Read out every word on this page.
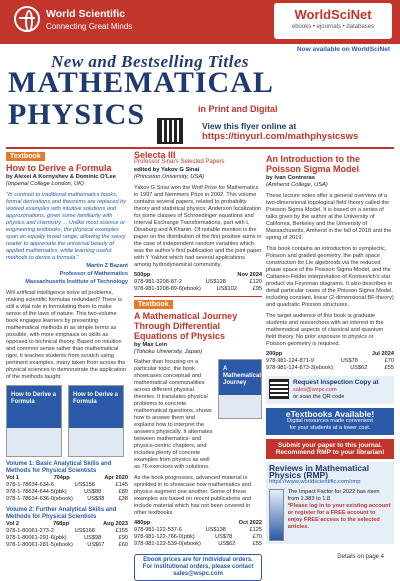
World Scientific
Connecting Great Minds
WorldSciNet
ebooks • ejournals • databases
Now available on WorldSciNet
New and Bestselling Titles
MATHEMATICAL
PHYSICS	in Print and Digital
View this flyer online at
https://tinyurl.com/mathphysicsws
Textbook
How to Derive a Formula
by Alexei A Kornyshev & Dominic O'Lee
(Imperial College London, UK)
"In contrast to traditional mathematics books, formal derivations and theorems are replaced by worked examples with intuitive solutions and approximations, given some familiarity with physics and chemistry ... Unlike most science or engineering textbooks, the physical examples span an equally broad range, allowing the savvy reader to appreciate the universal beauty of applied mathematics, while learning useful methods to derive a formula."
Martin Z Bazant
Professor of Mathematics
Massachusetts Institute of Technology
Will artificial intelligence solve all problems, making scientific formulae redundant? There is still a vital role in formulating them to make sense of the laws of nature. This two-volume book engages learners by presenting mathematical methods in as simple terms as possible, with more emphasis on skills as opposed to technical theory. Based on intuition and common sense rather than mathematical rigor, it teaches students from scratch using pertinent examples, many taken from across the physical sciences to demonstrate the application of the methods taught.
How to Derive a Formula
How to Derive a Formula
Volume 1: Basic Analytical Skills and Methods for Physical Scientists
Vol 1	704pp	Apr 2020
978-1-78634-634-6	US$158	£145
978-1-78634-644-5(pbk)	US$88	£80
978-1-78634-636-0(ebook)	US$38	£38
Volume 2: Further Analytical Skills and Methods for Physical Scientists
Vol 2	768pp	Aug 2023
978-1-80061-273-2	US$168	£155
978-1-80061-291-6(pbk)	US$98	£90
978-1-80061-281-5(ebook)	US$67	£60
Selecta III
Professor Sinai's Selected Papers
edited by Yakov G Sinai
(Princeton University, USA)
Yakov G Sinai won the Wolf Prize for Mathematics in 1997 and Nemmers Prize in 2002. This volume contains several papers, related to probability theory and statistical physics; Anderson localization for some classes of Schroedinger equations and Interval Exchange Transformations, part with L Dinaburg and A Khanin. Of notable mention is the paper on the distribution of the first positive sums in the case of independent random variables which was the author's first publication and the joint paper with Y Yakhot which had several applications among hydrodynamical community.
500pp	Nov 2024
978-981-3208-87-2	US$128	£120
978-981-3208-89-6(ebook)	US$102	£95
Textbook
A Mathematical Journey Through Differential Equations of Physics
by Max Lein
(Tohoku University, Japan)
Rather than focusing on a particular topic, the book showcases conceptual and mathematical commonalities across different physical theories. It translates physical problems to concrete mathematical questions, shows how to answer them and explains how to interpret the answers physically. It alternates between mathematics- and physics-centric chapters, and includes plenty of concrete examples from physics as well as 76 exercises with solutions.
A Mathematical Journey
As the book progresses, advanced material is sprinkled in to showcase how mathematics and physics augment one another. Some of these examples are based on recent publications and include material which has not been covered in other textbooks.
480pp	Oct 2022
978-981-122-537-6	US$138	£125
978-981-122-766-0(pbk)	US$78	£70
978-981-122-539-0(ebook)	US$62	£55
Ebook prices are for individual orders.
For institutional orders, please contact
sales@wspc.com
An Introduction to the Poisson Sigma Model
by Ivan Contreras
(Amherst College, USA)
These lecture notes offer a general overview of a two-dimensional topological field theory called the Poisson Sigma Model. It is based on a series of talks given by the author at the University of California, Berkeley and the University of Massachusetts, Amherst in the fall of 2018 and the spring of 2019.
This book contains an introduction to symplectic, Poisson and graded geometry, the path space construction for Lie algebroids via the reduced phase space of the Poisson Sigma Model, and the Cattaneo-Felder interpretation of Kontsevich's star product via Feynman diagrams. It also describes in detail particular cases of the Poisson Sigma Model, including constant, linear (2-dimensional BF-theory) and quadratic Poisson structures.
The target audience of this book is graduate students and researchers with an interest in the mathematical aspects of classical and quantum field theory. No prior exposure to physics or Poisson geometry is required.
200pp	Jul 2024
978-981-124-871-9	US$78	£70
978-981-124-873-3(ebook)	US$62	£55
Request Inspection Copy at
sales@wspc.com
or scan the QR code
eTextbooks Available!
Digital resources made convenient
for your students at a lower cost.
Submit your paper to this journal.
Recommend RMP to your librarian!
Reviews in Mathematical Physics (RMP)
https://www.worldscientific.com/rmp
The Impact Factor for 2022 has risen from 1.383 to 1.8
*Please log in to your existing account or register for a FREE account to enjoy FREE access to the selected articles.
Details on page 4
